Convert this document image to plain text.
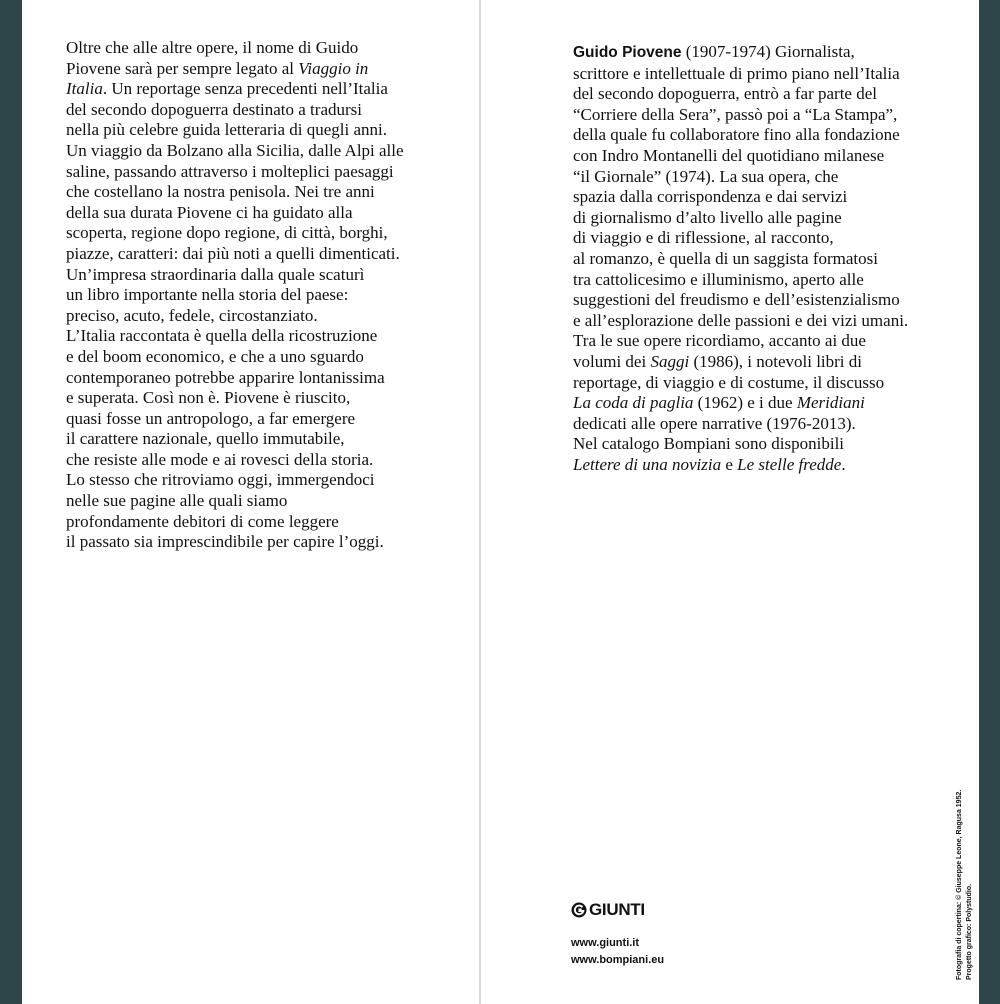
Oltre che alle altre opere, il nome di Guido
Piovene sarà per sempre legato al Viaggio in
Italia. Un reportage senza precedenti nell’Italia
del secondo dopoguerra destinato a tradursi
nella più celebre guida letteraria di quegli anni.
Un viaggio da Bolzano alla Sicilia, dalle Alpi alle
saline, passando attraverso i molteplici paesaggi
che costellano la nostra penisola. Nei tre anni
della sua durata Piovene ci ha guidato alla
scoperta, regione dopo regione, di città, borghi,
piazze, caratteri: dai più noti a quelli dimenticati.
Un’impresa straordinaria dalla quale scaturì
un libro importante nella storia del paese:
preciso, acuto, fedele, circostanziato.
L’Italia raccontata è quella della ricostruzione
e del boom economico, e che a uno sguardo
contemporaneo potrebbe apparire lontanissima
e superata. Così non è. Piovene è riuscito,
quasi fosse un antropologo, a far emergere
il carattere nazionale, quello immutabile,
che resiste alle mode e ai rovesci della storia.
Lo stesso che ritroviamo oggi, immergendoci
nelle sue pagine alle quali siamo
profondamente debitori di come leggere
il passato sia imprescindibile per capire l’oggi.
Guido Piovene (1907-1974) Giornalista,
scrittore e intellettuale di primo piano nell’Italia
del secondo dopoguerra, entrò a far parte del
“Corriere della Sera”, passò poi a “La Stampa”,
della quale fu collaboratore fino alla fondazione
con Indro Montanelli del quotidiano milanese
“il Giornale” (1974). La sua opera, che
spazia dalla corrispondenza e dai servizi
di giornalismo d’alto livello alle pagine
di viaggio e di riflessione, al racconto,
al romanzo, è quella di un saggista formatosi
tra cattolicesimo e illuminismo, aperto alle
suggestioni del freudismo e dell’esistenzialismo
e all’esplorazione delle passioni e dei vizi umani.
Tra le sue opere ricordiamo, accanto ai due
volumi dei Saggi (1986), i notevoli libri di
reportage, di viaggio e di costume, il discusso
La coda di paglia (1962) e i due Meridiani
dedicati alle opere narrative (1976-2013).
Nel catalogo Bompiani sono disponibili
Lettere di una novizia e Le stelle fredde.
GIUNTI
www.giunti.it
www.bompiani.eu	Fotografia di copertina: © Giuseppe Leone, Ragusa 1952. Progetto grafico: Polystudio.
